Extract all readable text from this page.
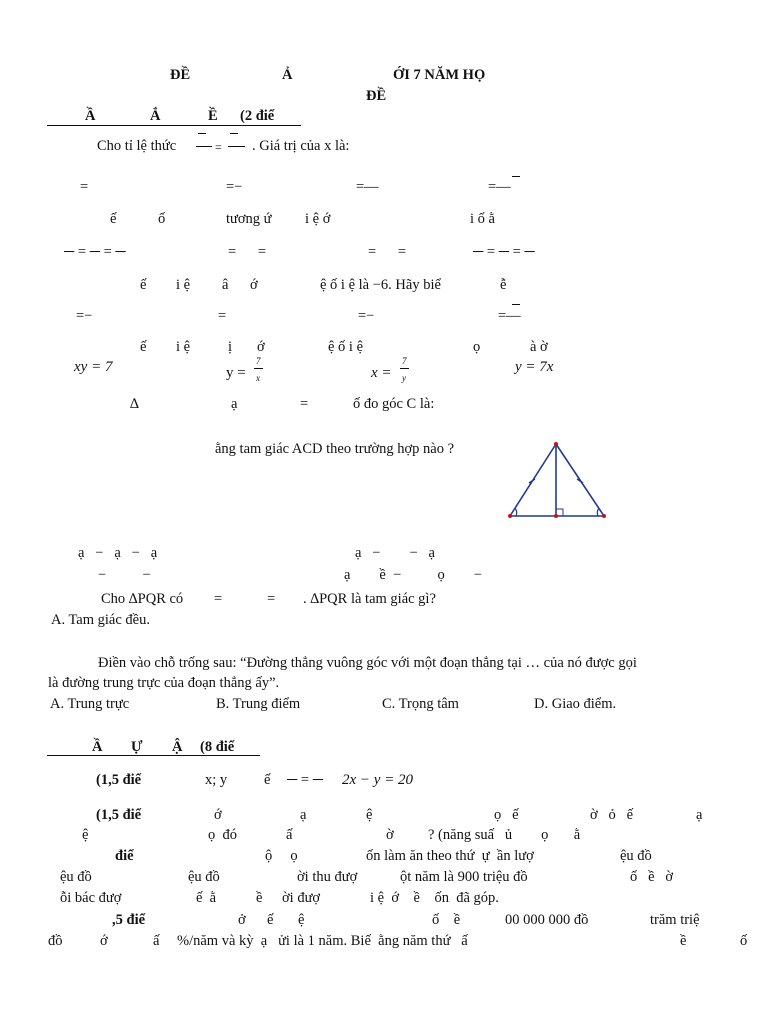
ĐỀ	Ả	ỚI 7 NĂM HỌ
ĐỀ
Ầ	Ắ	Ề (2 điể
Cho tỉ lệ thức	= . Giá trị của x là:
=	=−	=—	=—
ế	ố	tương ứ i ệ ớ	i ố ằ
─ = ─ = ─	=      =	=      =	─ = ─ = ─
ế i ệ â ớ	ệ ố i ệ là −6. Hãy biể	ễ
=−	=	=−	=—
ế i ệ	ị ớ	ệ ố i ệ	ọ	à ờ
xy = 7	y =
7
x	x =
7
y
y = 7x
∆	ạ	=	ố đo góc C là:
ằng tam giác ACD theo trường hợp nào ?
ạ   −   ạ   −   ạ	ạ   −        −   ạ
−          −	ạ        ề  −          ọ        −
Cho ∆PQR có =	= . ∆PQR là tam giác gì?
A. Tam giác đều.
Điền vào chỗ trống sau: “Đường thẳng vuông góc với một đoạn thẳng tại … của nó được gọi
là đường trung trực của đoạn thẳng ấy”.
A. Trung trực	B. Trung điểm	C. Trọng tâm	D. Giao điểm.
Ầ Ự Ậ (8 điể
(1,5 điể	x; y	ế ─ = ─ 2x − y = 20
(1,5 điể	ớ	ạ	ệ	ọ   ế	ờ   ỏ   ế	ạ
ệ	ọ  đó	ấ	ờ ? (năng suấ   ủ        ọ       ằ
điể	ộ     ọ	ốn làm ăn theo thứ  ự  ần lượ	ệu đồ
ệu đồ	ệu đồ	ời thu đượ	ột năm là 900 triệu đồ	ố   ề   ờ
ỗi bác đượ	ế  ằ	ề ời đượ	i ệ  ớ    ề    ốn  đã góp.
,5 điể	ở ế ệ	ố    ề	00 000 000 đồ	trăm triệ
đồ	ớ	ấ %/năm và kỳ  ạ   ửi là 1 năm. Biế  ằng năm thứ   ấ	ề	ố
